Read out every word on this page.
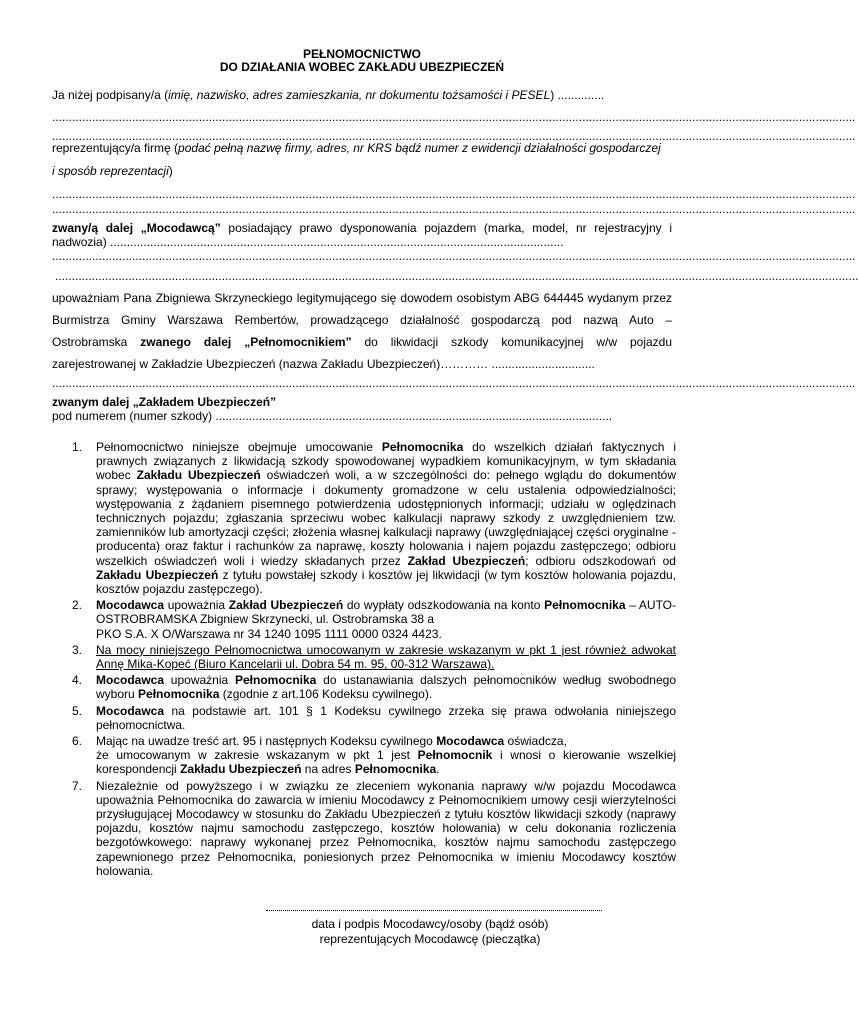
PEŁNOMOCNICTWO
DO DZIAŁANIA WOBEC ZAKŁADU UBEZPIECZEŃ
Ja niżej podpisany/a (imię, nazwisko, adres zamieszkania, nr dokumentu tożsamości i PESEL) ..............
.................................................................................................................................................................................................................................................
.................................................................................................................................................................................................................................................
reprezentujący/a firmę (podać pełną nazwę firmy, adres, nr KRS bądź numer z ewidencji działalności gospodarczej
i sposób reprezentacji)
.................................................................................................................................................................................................................................................
.................................................................................................................................................................................................................................................
zwany/ą dalej „Mocodawcą” posiadający prawo dysponowania pojazdem (marka, model, nr rejestracyjny i
nadwozia) ........................................................................................................................................
.................................................................................................................................................................................................................................................
.................................................................................................................................................................................................................................................
upoważniam Pana Zbigniewa Skrzyneckiego legitymującego się dowodem osobistym ABG 644445 wydanym przez
Burmistrza Gminy Warszawa Rembertów, prowadzącego działalność gospodarczą pod nazwą Auto –
Ostrobramska zwanego dalej „Pełnomocnikiem” do likwidacji szkody komunikacyjnej w/w pojazdu
zarejestrowanej w Zakładzie Ubezpieczeń (nazwa Zakładu Ubezpieczeń)………… ...............................
.................................................................................................................................................................................................................................................
zwanym dalej „Zakładem Ubezpieczeń”
pod numerem (numer szkody) .......................................................................................................................
1. Pełnomocnictwo niniejsze obejmuje umocowanie Pełnomocnika do wszelkich działań faktycznych i prawnych związanych z likwidacją szkody spowodowanej wypadkiem komunikacyjnym, w tym składania wobec Zakładu Ubezpieczeń oświadczeń woli, a w szczególności do: pełnego wglądu do dokumentów sprawy; występowania o informacje i dokumenty gromadzone w celu ustalenia odpowiedzialności; występowania z żądaniem pisemnego potwierdzenia udostępnionych informacji; udziału w oględzinach technicznych pojazdu; zgłaszania sprzeciwu wobec kalkulacji naprawy szkody z uwzględnieniem tzw. zamienników lub amortyzacji części; złożenia własnej kalkulacji naprawy (uwzględniającej części oryginalne - producenta) oraz faktur i rachunków za naprawę, koszty holowania i najem pojazdu zastępczego; odbioru wszelkich oświadczeń woli i wiedzy składanych przez Zakład Ubezpieczeń; odbioru odszkodowań od Zakładu Ubezpieczeń z tytułu powstałej szkody i kosztów jej likwidacji (w tym kosztów holowania pojazdu, kosztów pojazdu zastępczego).
2. Mocodawca upoważnia Zakład Ubezpieczeń do wypłaty odszkodowania na konto Pełnomocnika – AUTO-OSTROBRAMSKA Zbigniew Skrzynecki, ul. Ostrobramska 38 a
PKO S.A. X O/Warszawa nr 34 1240 1095 1111 0000 0324 4423.
3. Na mocy niniejszego Pełnomocnictwa umocowanym w zakresie wskazanym w pkt 1 jest również adwokat Annę Mika-Kopeć (Biuro Kancelarii ul. Dobra 54 m. 95, 00-312 Warszawa).
4. Mocodawca upoważnia Pełnomocnika do ustanawiania dalszych pełnomocników według swobodnego wyboru Pełnomocnika (zgodnie z art.106 Kodeksu cywilnego).
5. Mocodawca na podstawie art. 101 § 1 Kodeksu cywilnego zrzeka się prawa odwołania niniejszego pełnomocnictwa.
6. Mając na uwadze treść art. 95 i następnych Kodeksu cywilnego Mocodawca oświadcza,
że umocowanym w zakresie wskazanym w pkt 1 jest Pełnomocnik i wnosi o kierowanie wszelkiej korespondencji Zakładu Ubezpieczeń na adres Pełnomocnika.
7. Niezależnie od powyższego i w związku ze zleceniem wykonania naprawy w/w pojazdu Mocodawca upoważnia Pełnomocnika do zawarcia w imieniu Mocodawcy z Pełnomocnikiem umowy cesji wierzytelności przysługującej Mocodawcy w stosunku do Zakładu Ubezpieczeń z tytułu kosztów likwidacji szkody (naprawy pojazdu, kosztów najmu samochodu zastępczego, kosztów holowania) w celu dokonania rozliczenia bezgotówkowego: naprawy wykonanej przez Pełnomocnika, kosztów najmu samochodu zastępczego zapewnionego przez Pełnomocnika, poniesionych przez Pełnomocnika w imieniu Mocodawcy kosztów holowania.
data i podpis Mocodawcy/osoby (bądź osób)
reprezentujących Mocodawcę (pieczątka)
